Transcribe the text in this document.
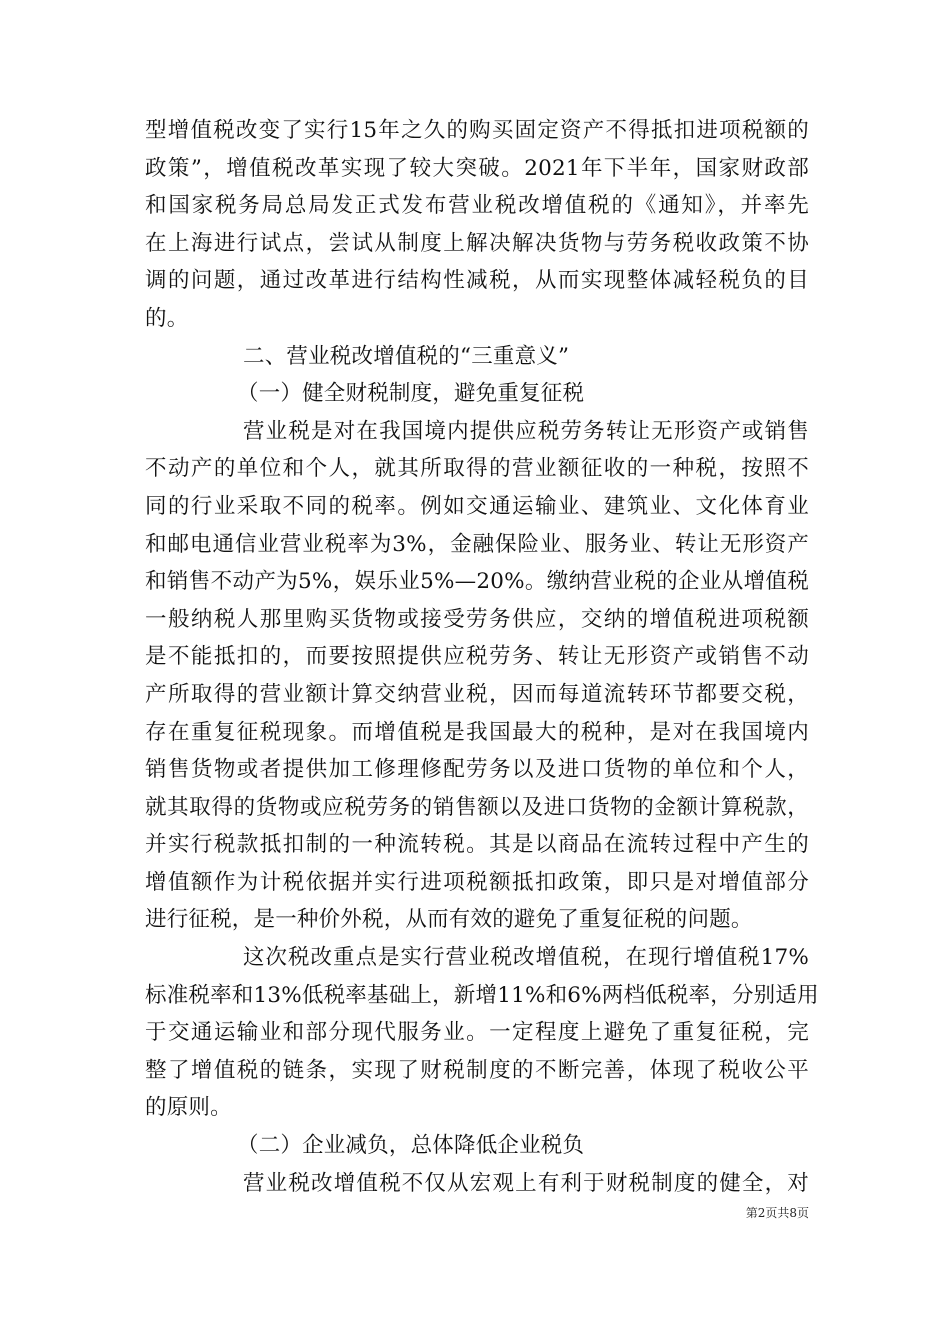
型增值税改变了实行15年之久的购买固定资产不得抵扣进项税额的
政策”，增值税改革实现了较大突破。2021年下半年，国家财政部
和国家税务局总局发正式发布营业税改增值税的《通知》，并率先
在上海进行试点，尝试从制度上解决解决货物与劳务税收政策不协
调的问题，通过改革进行结构性减税，从而实现整体减轻税负的目
的。
二、营业税改增值税的“三重意义”
（一）健全财税制度，避免重复征税
营业税是对在我国境内提供应税劳务转让无形资产或销售
不动产的单位和个人，就其所取得的营业额征收的一种税，按照不
同的行业采取不同的税率。例如交通运输业、建筑业、文化体育业
和邮电通信业营业税率为3%，金融保险业、服务业、转让无形资产
和销售不动产为5%，娱乐业5%—20%。缴纳营业税的企业从增值税
一般纳税人那里购买货物或接受劳务供应，交纳的增值税进项税额
是不能抵扣的，而要按照提供应税劳务、转让无形资产或销售不动
产所取得的营业额计算交纳营业税，因而每道流转环节都要交税，
存在重复征税现象。而增值税是我国最大的税种，是对在我国境内
销售货物或者提供加工修理修配劳务以及进口货物的单位和个人，
就其取得的货物或应税劳务的销售额以及进口货物的金额计算税款，
并实行税款抵扣制的一种流转税。其是以商品在流转过程中产生的
增值额作为计税依据并实行进项税额抵扣政策，即只是对增值部分
进行征税，是一种价外税，从而有效的避免了重复征税的问题。
这次税改重点是实行营业税改增值税，在现行增值税17%
标准税率和13%低税率基础上，新增11%和6%两档低税率，分别适用
于交通运输业和部分现代服务业。一定程度上避免了重复征税，完
整了增值税的链条，实现了财税制度的不断完善，体现了税收公平
的原则。
（二）企业减负，总体降低企业税负
营业税改增值税不仅从宏观上有利于财税制度的健全，对
第2页共8页
